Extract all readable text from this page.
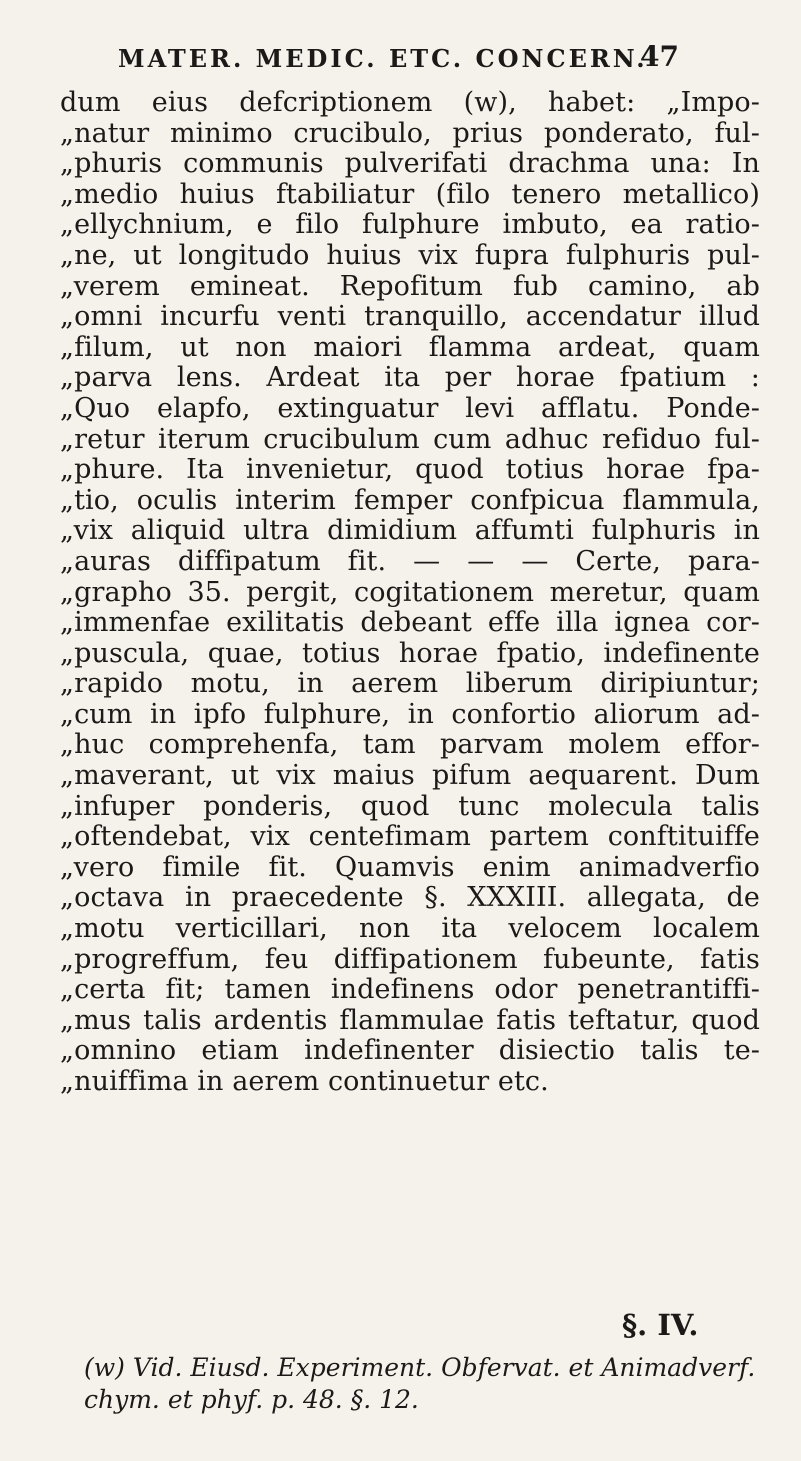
MATER. MEDIC. ETC. CONCERN.
47
dum eius defcriptionem (w), habet: „Impo-
„natur minimo crucibulo, prius ponderato, ful-
„phuris communis pulverifati drachma una: In
„medio huius ftabiliatur (filo tenero metallico)
„ellychnium, e filo fulphure imbuto, ea ratio-
„ne, ut longitudo huius vix fupra fulphuris pul-
„verem emineat. Repofitum fub camino, ab
„omni incurfu venti tranquillo, accendatur illud
„filum, ut non maiori flamma ardeat, quam
„parva lens. Ardeat ita per horae fpatium :
„Quo elapfo, extinguatur levi afflatu. Ponde-
„retur iterum crucibulum cum adhuc refiduo ful-
„phure. Ita invenietur, quod totius horae fpa-
„tio, oculis interim femper confpicua flammula,
„vix aliquid ultra dimidium affumti fulphuris in
„auras diffipatum fit. — — — Certe, para-
„grapho 35. pergit, cogitationem meretur, quam
„immenfae exilitatis debeant effe illa ignea cor-
„puscula, quae, totius horae fpatio, indefinente
„rapido motu, in aerem liberum diripiuntur;
„cum in ipfo fulphure, in confortio aliorum ad-
„huc comprehenfa, tam parvam molem effor-
„maverant, ut vix maius pifum aequarent. Dum
„infuper ponderis, quod tunc molecula talis
„oftendebat, vix centefimam partem conftituiffe
„vero fimile fit. Quamvis enim animadverfio
„octava in praecedente §. XXXIII. allegata, de
„motu verticillari, non ita velocem localem
„progreffum, feu diffipationem fubeunte, fatis
„certa fit; tamen indefinens odor penetrantiffi-
„mus talis ardentis flammulae fatis teftatur, quod
„omnino etiam indefinenter disiectio talis te-
„nuiffima in aerem continuetur etc.
§. IV.
(w) Vid. Eiusd. Experiment. Obfervat. et Animadverf.
chym. et phyf. p. 48. §. 12.
